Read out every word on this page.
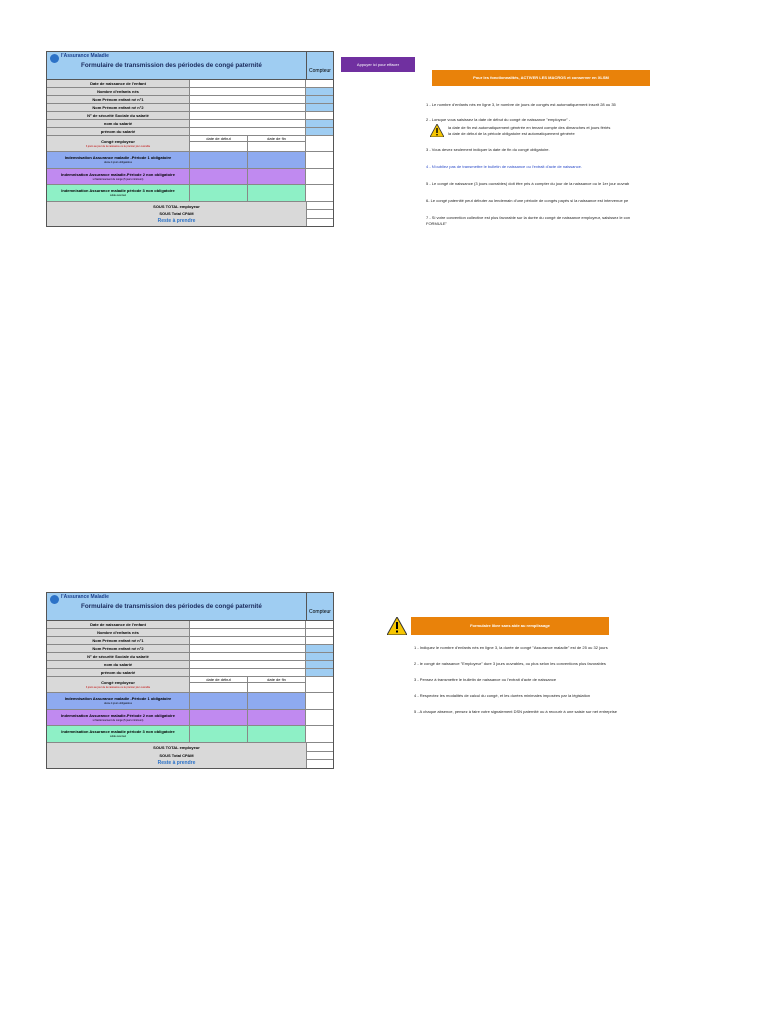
l'Assurance Maladie
Formulaire de transmission des périodes de congé paternité
Compteur
Date de naissance de l'enfant
Nombre d'enfants nés
Nom Prénom enfant né n°1
Nom Prénom enfant né n°2
N° de sécurité Sociale du salarié
nom du salarié
prénom du salarié
Congé employeur
3 jours au jour de la naissance ou le premier jour ouvrable
date de début	date de fin
Indemnisation Assurance maladie -Période 1 obligatoire
durée 4 jours obligatoires
Indemnisation Assurance maladie-Période 2 non obligatoire
si fractionnement du congé (5 jours minimum)
Indemnisation Assurance maladie période 3 non obligatoire
solde éventuel
SOUS TOTAL employeur
SOUS Total CPAM
Reste à prendre
Appuyer ici pour effacer
Pour les fonctionnalités, ACTIVER LES MACROS et conserver en XLSM
1 - Le nombre d'enfants nés en ligne 3, le nombre de jours de congés est automatiquement inscrit 28 ou 35
2 - Lorsque vous saisissez la date de début du congé de naissance "employeur" -
la date de fin est automatiquement générée en tenant compte des dimanches et jours fériés
la date de début de la période obligatoire est automatiquement générée
3 - Vous devez seulement indiquer la date de fin du congé obligatoire.
4 - N'oubliez pas de transmettre le bulletin de naissance ou l'extrait d'acte de naissance.
5 - Le congé de naissance (3 jours ouvrables) doit être pris à compter du jour de la naissance ou le 1er jour ouvrab
6- Le congé paternité peut débuter au lendemain d'une période de congés payés si la naissance est intervenue pe
7 - Si votre convention collective est plus favorable sur la durée du congé de naissance employeur, saisissez le con
FORMULE"
l'Assurance Maladie
Formulaire de transmission des périodes de congé paternité
Compteur
Date de naissance de l'enfant
Nombre d'enfants nés
Nom Prénom enfant né n°1
Nom Prénom enfant né n°2
N° de sécurité Sociale du salarié
nom du salarié
prénom du salarié
Congé employeur
3 jours au jour de la naissance ou le premier jour ouvrable
date de début	date de fin
Indemnisation Assurance maladie -Période 1 obligatoire
durée 4 jours obligatoires
Indemnisation Assurance maladie-Période 2 non obligatoire
si fractionnement du congé (5 jours minimum)
Indemnisation Assurance maladie période 3 non obligatoire
solde éventuel
SOUS TOTAL employeur
SOUS Total CPAM
Reste à prendre
Formulaire libre sans aide au remplissage
1 - Indiquez le nombre d'enfants nés en ligne 3, la durée de congé "Assurance maladie" est de 25 ou 32 jours
2 - le congé de naissance "Employeur" dure 3 jours ouvrables, ou plus selon les conventions plus favorables
3 - Pensez à transmettre le bulletin de naissance ou l'extrait d'acte de naissance
4 - Respectez les modalités de calcul du congé, et les durées minimales imposées par la législation
5 - A chaque absence, pensez à faire votre signalement DSN paternité ou à recourir à une saisie sur net entreprise
